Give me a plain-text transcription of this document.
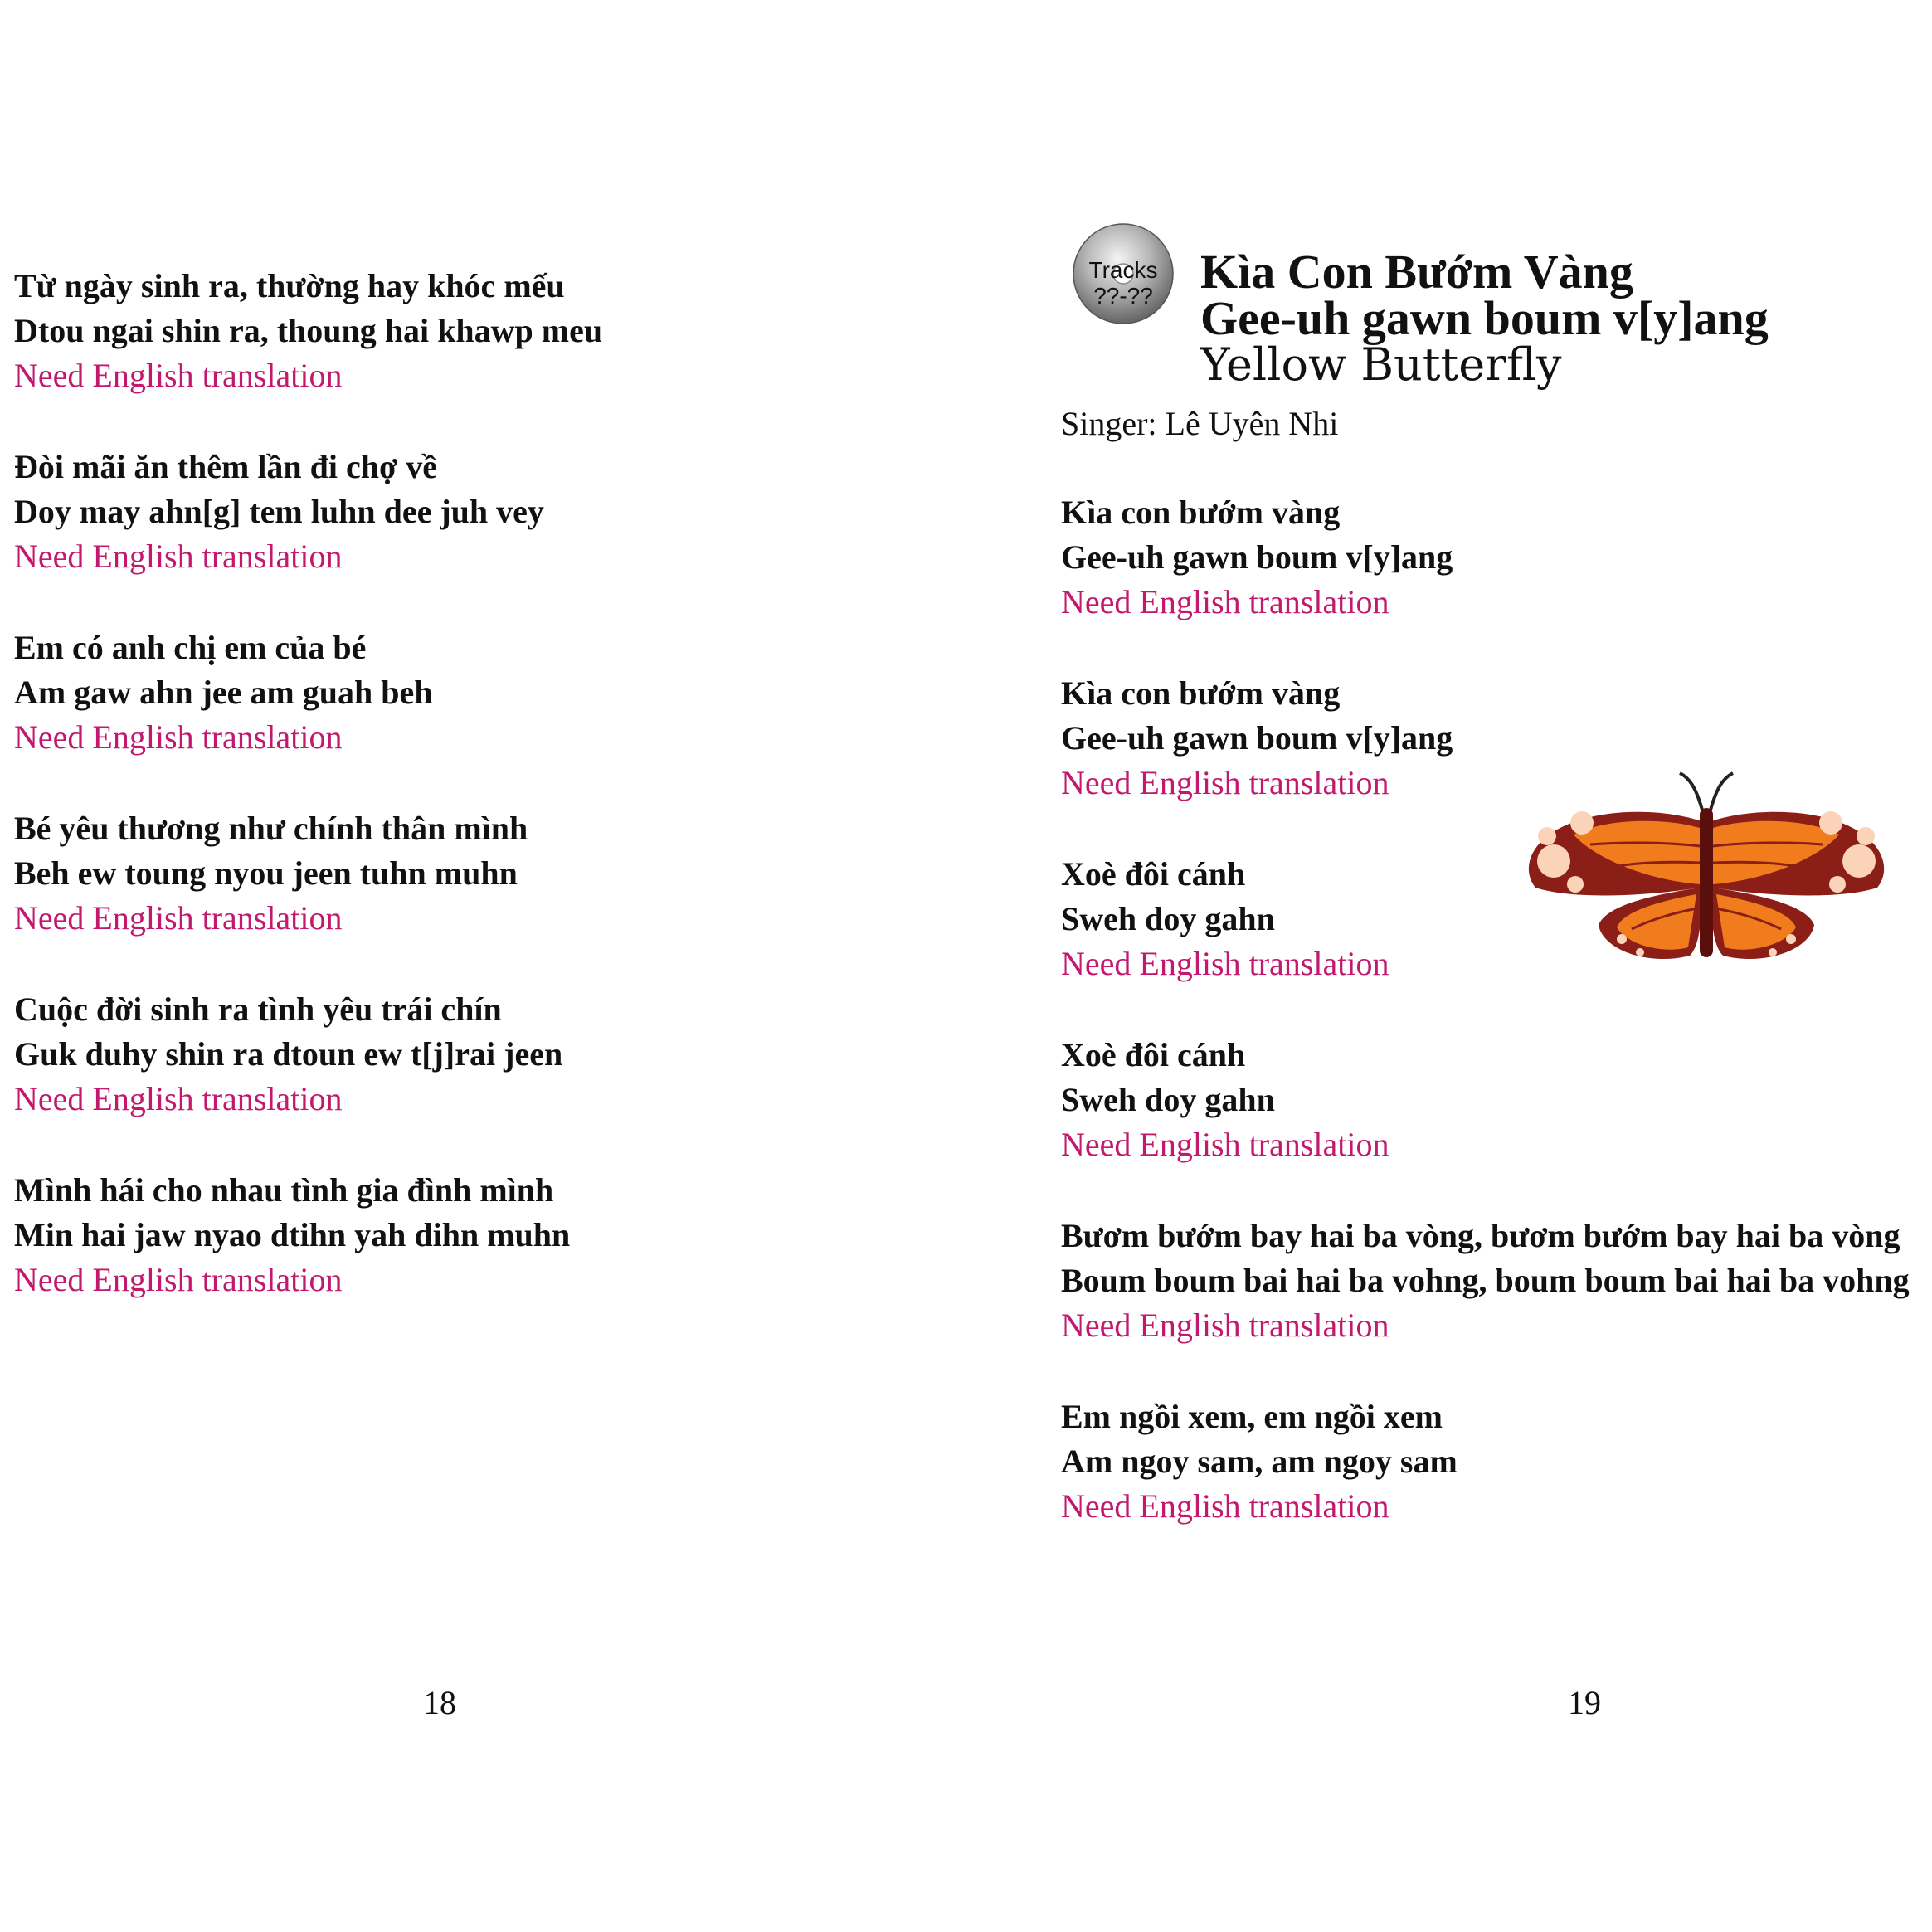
Từ ngày sinh ra, thường hay khóc mếu
Dtou ngai shin ra, thoung hai khawp meu
Need English translation
Đòi mãi ăn thêm lần đi chợ về
Doy may ahn[g] tem luhn dee juh vey
Need English translation
Em có anh chị em của bé
Am gaw ahn jee am guah beh
Need English translation
Bé yêu thương như chính thân mình
Beh ew toung nyou jeen tuhn muhn
Need English translation
Cuộc đời sinh ra tình yêu trái chín
Guk duhy shin ra dtoun ew t[j]rai jeen
Need English translation
Mình hái cho nhau tình gia đình mình
Min hai jaw nyao dtihn yah dihn muhn
Need English translation
18
Tracks
??-?? Kìa Con Bướm Vàng
Gee-uh gawn boum v[y]ang
Yellow Butterfly
Singer: Lê Uyên Nhi
Kìa con bướm vàng
Gee-uh gawn boum v[y]ang
Need English translation
Kìa con bướm vàng
Gee-uh gawn boum v[y]ang
Need English translation
Xoè đôi cánh
Sweh doy gahn
Need English translation
Xoè đôi cánh
Sweh doy gahn
Need English translation
Bươm bướm bay hai ba vòng, bươm bướm bay hai ba vòng
Boum boum bai hai ba vohng, boum boum bai hai ba vohng
Need English translation
Em ngồi xem, em ngồi xem
Am ngoy sam, am ngoy sam
Need English translation
19
